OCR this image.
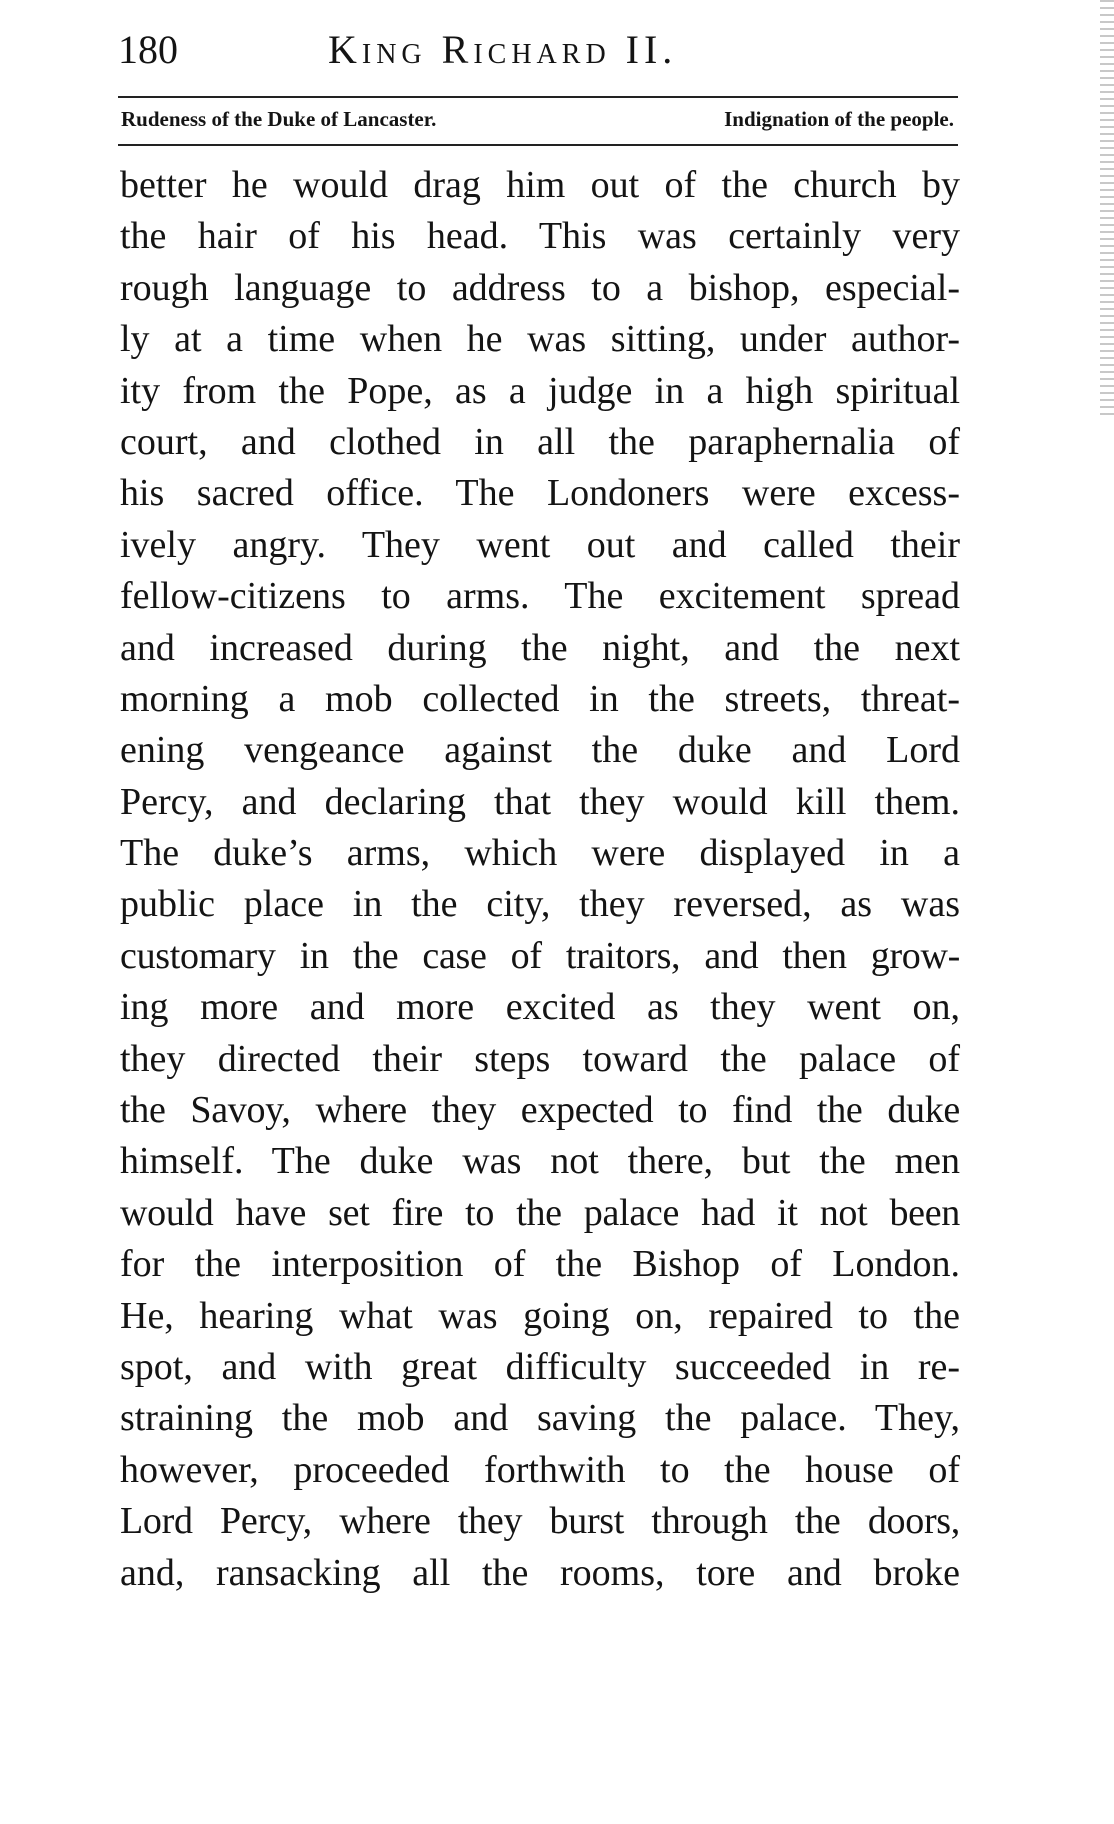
180	King Richard II.
Rudeness of the Duke of Lancaster.	Indignation of the people.
better he would drag him out of the church by
the hair of his head. This was certainly very
rough language to address to a bishop, especial-
ly at a time when he was sitting, under author-
ity from the Pope, as a judge in a high spiritual
court, and clothed in all the paraphernalia of
his sacred office. The Londoners were excess-
ively angry. They went out and called their
fellow-citizens to arms. The excitement spread
and increased during the night, and the next
morning a mob collected in the streets, threat-
ening vengeance against the duke and Lord
Percy, and declaring that they would kill them.
The duke’s arms, which were displayed in a
public place in the city, they reversed, as was
customary in the case of traitors, and then grow-
ing more and more excited as they went on,
they directed their steps toward the palace of
the Savoy, where they expected to find the duke
himself. The duke was not there, but the men
would have set fire to the palace had it not been
for the interposition of the Bishop of London.
He, hearing what was going on, repaired to the
spot, and with great difficulty succeeded in re-
straining the mob and saving the palace. They,
however, proceeded forthwith to the house of
Lord Percy, where they burst through the doors,
and, ransacking all the rooms, tore and broke
